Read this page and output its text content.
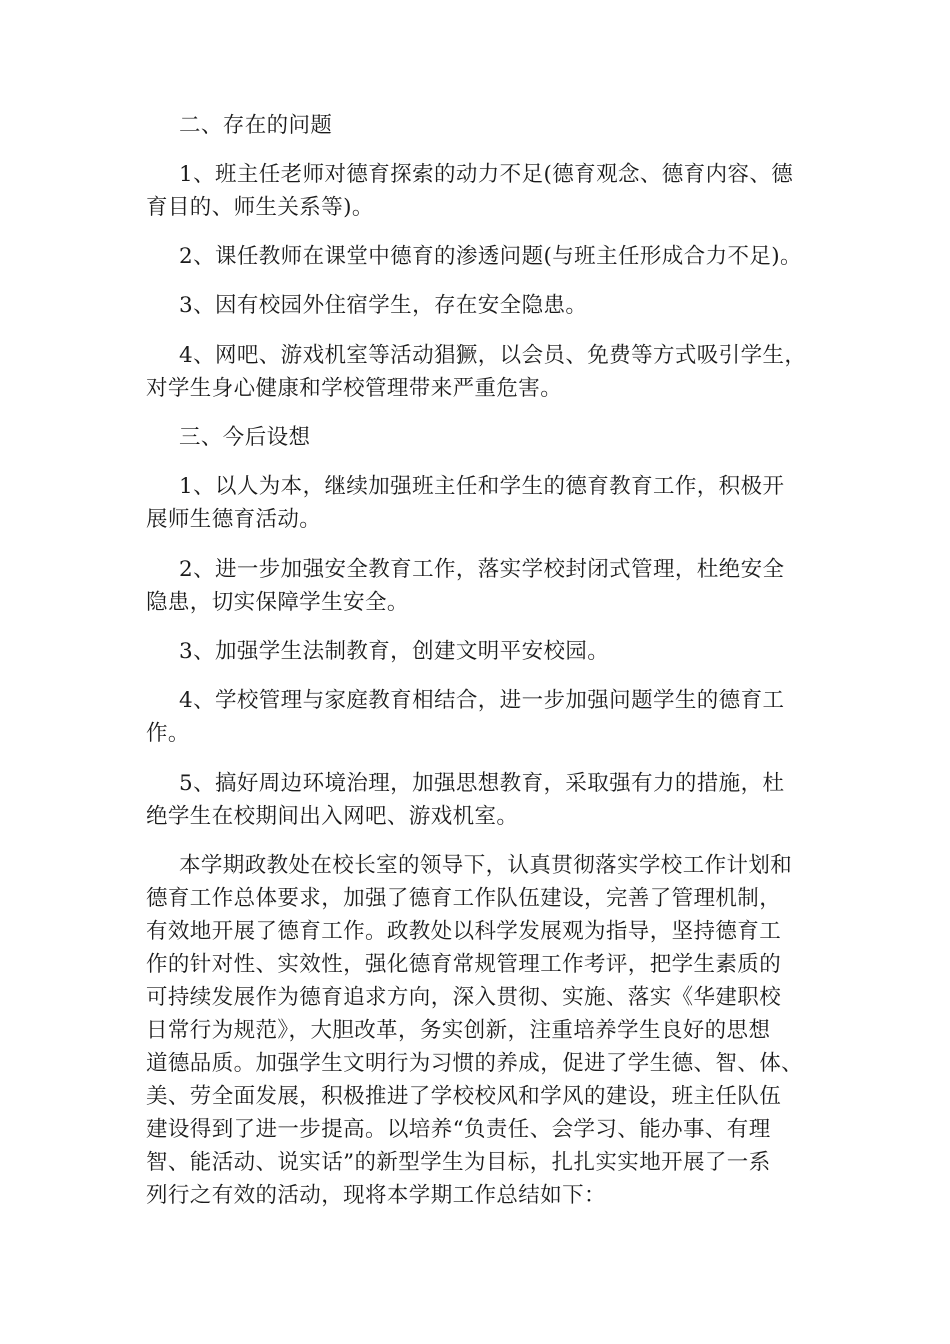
二、存在的问题
1、班主任老师对德育探索的动力不足(德育观念、德育内容、德
育目的、师生关系等)。
2、课任教师在课堂中德育的渗透问题(与班主任形成合力不足)。
3、因有校园外住宿学生，存在安全隐患。
4、网吧、游戏机室等活动猖獗，以会员、免费等方式吸引学生，
对学生身心健康和学校管理带来严重危害。
三、今后设想
1、以人为本，继续加强班主任和学生的德育教育工作，积极开
展师生德育活动。
2、进一步加强安全教育工作，落实学校封闭式管理，杜绝安全
隐患，切实保障学生安全。
3、加强学生法制教育，创建文明平安校园。
4、学校管理与家庭教育相结合，进一步加强问题学生的德育工
作。
5、搞好周边环境治理，加强思想教育，采取强有力的措施，杜
绝学生在校期间出入网吧、游戏机室。
本学期政教处在校长室的领导下，认真贯彻落实学校工作计划和
德育工作总体要求，加强了德育工作队伍建设，完善了管理机制，
有效地开展了德育工作。政教处以科学发展观为指导，坚持德育工
作的针对性、实效性，强化德育常规管理工作考评，把学生素质的
可持续发展作为德育追求方向，深入贯彻、实施、落实《华建职校
日常行为规范》，大胆改革，务实创新，注重培养学生良好的思想
道德品质。加强学生文明行为习惯的养成，促进了学生德、智、体、
美、劳全面发展，积极推进了学校校风和学风的建设，班主任队伍
建设得到了进一步提高。以培养“负责任、会学习、能办事、有理
智、能活动、说实话”的新型学生为目标，扎扎实实地开展了一系
列行之有效的活动，现将本学期工作总结如下：
